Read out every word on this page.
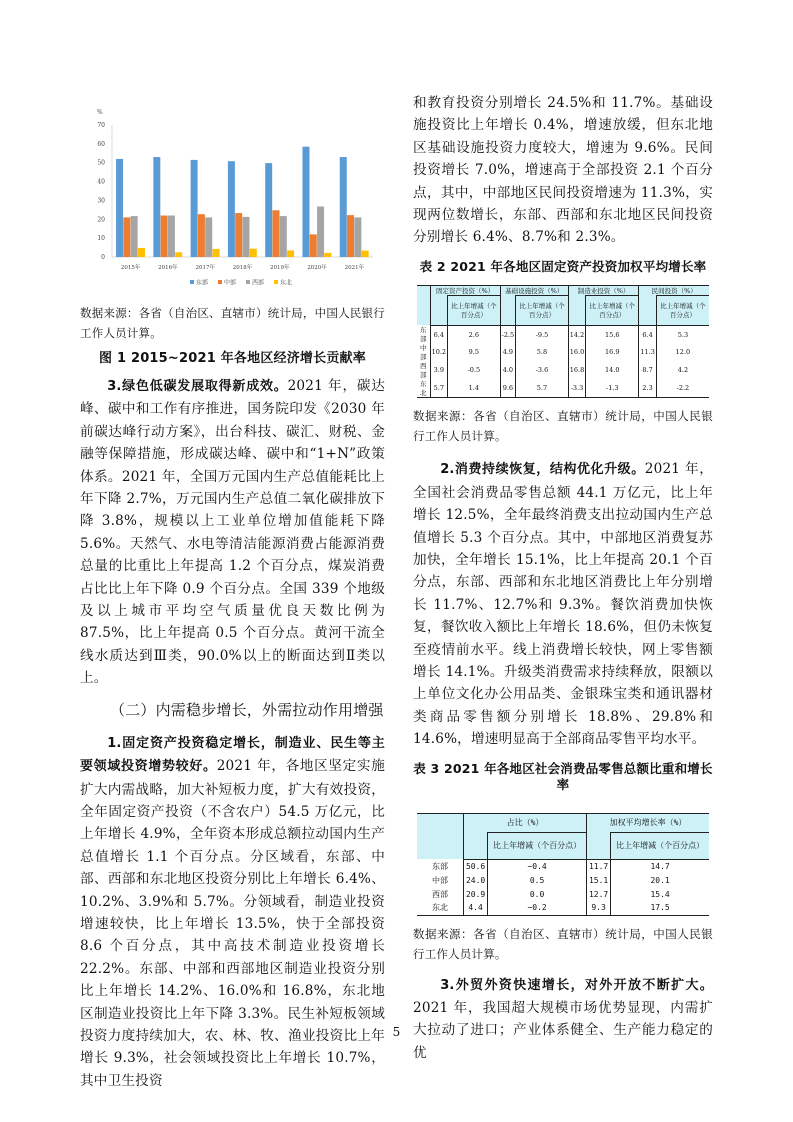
%
0
10
20
30
40
50
60
70
2015年	2016年	2017年	2018年	2019年	2020年	2021年
东部	中部	西部	东北

数据来源：各省（自治区、直辖市）统计局，中国人民银行工作人员计算。

图 1 2015~2021 年各地区经济增长贡献率

3.绿色低碳发展取得新成效。2021 年，碳达峰、碳中和工作有序推进，国务院印发《2030 年前碳达峰行动方案》，出台科技、碳汇、财税、金融等保障措施，形成碳达峰、碳中和“1+N”政策体系。2021 年，全国万元国内生产总值能耗比上年下降 2.7%，万元国内生产总值二氧化碳排放下降 3.8%，规模以上工业单位增加值能耗下降 5.6%。天然气、水电等清洁能源消费占能源消费总量的比重比上年提高 1.2 个百分点，煤炭消费占比比上年下降 0.9 个百分点。全国 339 个地级及以上城市平均空气质量优良天数比例为 87.5%，比上年提高 0.5 个百分点。黄河干流全线水质达到Ⅲ类，90.0%以上的断面达到Ⅱ类以上。

（二）内需稳步增长，外需拉动作用增强

1.固定资产投资稳定增长，制造业、民生等主要领域投资增势较好。2021 年，各地区坚定实施扩大内需战略，加大补短板力度，扩大有效投资，全年固定资产投资（不含农户）54.5 万亿元，比上年增长 4.9%，全年资本形成总额拉动国内生产总值增长 1.1 个百分点。分区域看，东部、中部、西部和东北地区投资分别比上年增长 6.4%、10.2%、3.9%和 5.7%。分领域看，制造业投资增速较快，比上年增长 13.5%，快于全部投资 8.6 个百分点，其中高技术制造业投资增长 22.2%。东部、中部和西部地区制造业投资分别比上年增长 14.2%、16.0%和 16.8%，东北地区制造业投资比上年下降 3.3%。民生补短板领域投资力度持续加大，农、林、牧、渔业投资比上年增长 9.3%，社会领域投资比上年增长 10.7%，其中卫生投资

和教育投资分别增长 24.5%和 11.7%。基础设施投资比上年增长 0.4%，增速放缓，但东北地区基础设施投资力度较大，增速为 9.6%。民间投资增长 7.0%，增速高于全部投资 2.1 个百分点，其中，中部地区民间投资增速为 11.3%，实现两位数增长，东部、西部和东北地区民间投资分别增长 6.4%、8.7%和 2.3%。

表 2 2021 年各地区固定资产投资加权平均增长率

	固定资产投资（%）		基础设施投资（%）		制造业投资（%）		民间投资（%）	
		比上年增减（个百分点）		比上年增减（个百分点）		比上年增减（个百分点）		比上年增减（个百分点）
东部	6.4	2.6	-2.5	-9.5	14.2	15.6	6.4	5.3
中部	10.2	9.5	4.9	5.8	16.0	16.9	11.3	12.0
西部	3.9	-0.5	4.0	-3.6	16.8	14.0	8.7	4.2
东北	5.7	1.4	9.6	5.7	-3.3	-1.3	2.3	-2.2

数据来源：各省（自治区、直辖市）统计局，中国人民银行工作人员计算。

2.消费持续恢复，结构优化升级。2021 年，全国社会消费品零售总额 44.1 万亿元，比上年增长 12.5%，全年最终消费支出拉动国内生产总值增长 5.3 个百分点。其中，中部地区消费复苏加快，全年增长 15.1%，比上年提高 20.1 个百分点，东部、西部和东北地区消费比上年分别增长 11.7%、12.7%和 9.3%。餐饮消费加快恢复，餐饮收入额比上年增长 18.6%，但仍未恢复至疫情前水平。线上消费增长较快，网上零售额增长 14.1%。升级类消费需求持续释放，限额以上单位文化办公用品类、金银珠宝类和通讯器材类商品零售额分别增长 18.8%、29.8%和 14.6%，增速明显高于全部商品零售平均水平。

表 3 2021 年各地区社会消费品零售总额比重和增长率

	占比（%）		加权平均增长率（%）	
		比上年增减（个百分点）		比上年增减（个百分点）
东部	50.6	−0.4	11.7	14.7
中部	24.0	0.5	15.1	20.1
西部	20.9	0.0	12.7	15.4
东北	4.4	−0.2	9.3	17.5

数据来源：各省（自治区、直辖市）统计局，中国人民银行工作人员计算。

3.外贸外资快速增长，对外开放不断扩大。2021 年，我国超大规模市场优势显现，内需扩大拉动了进口；产业体系健全、生产能力稳定的优

5
